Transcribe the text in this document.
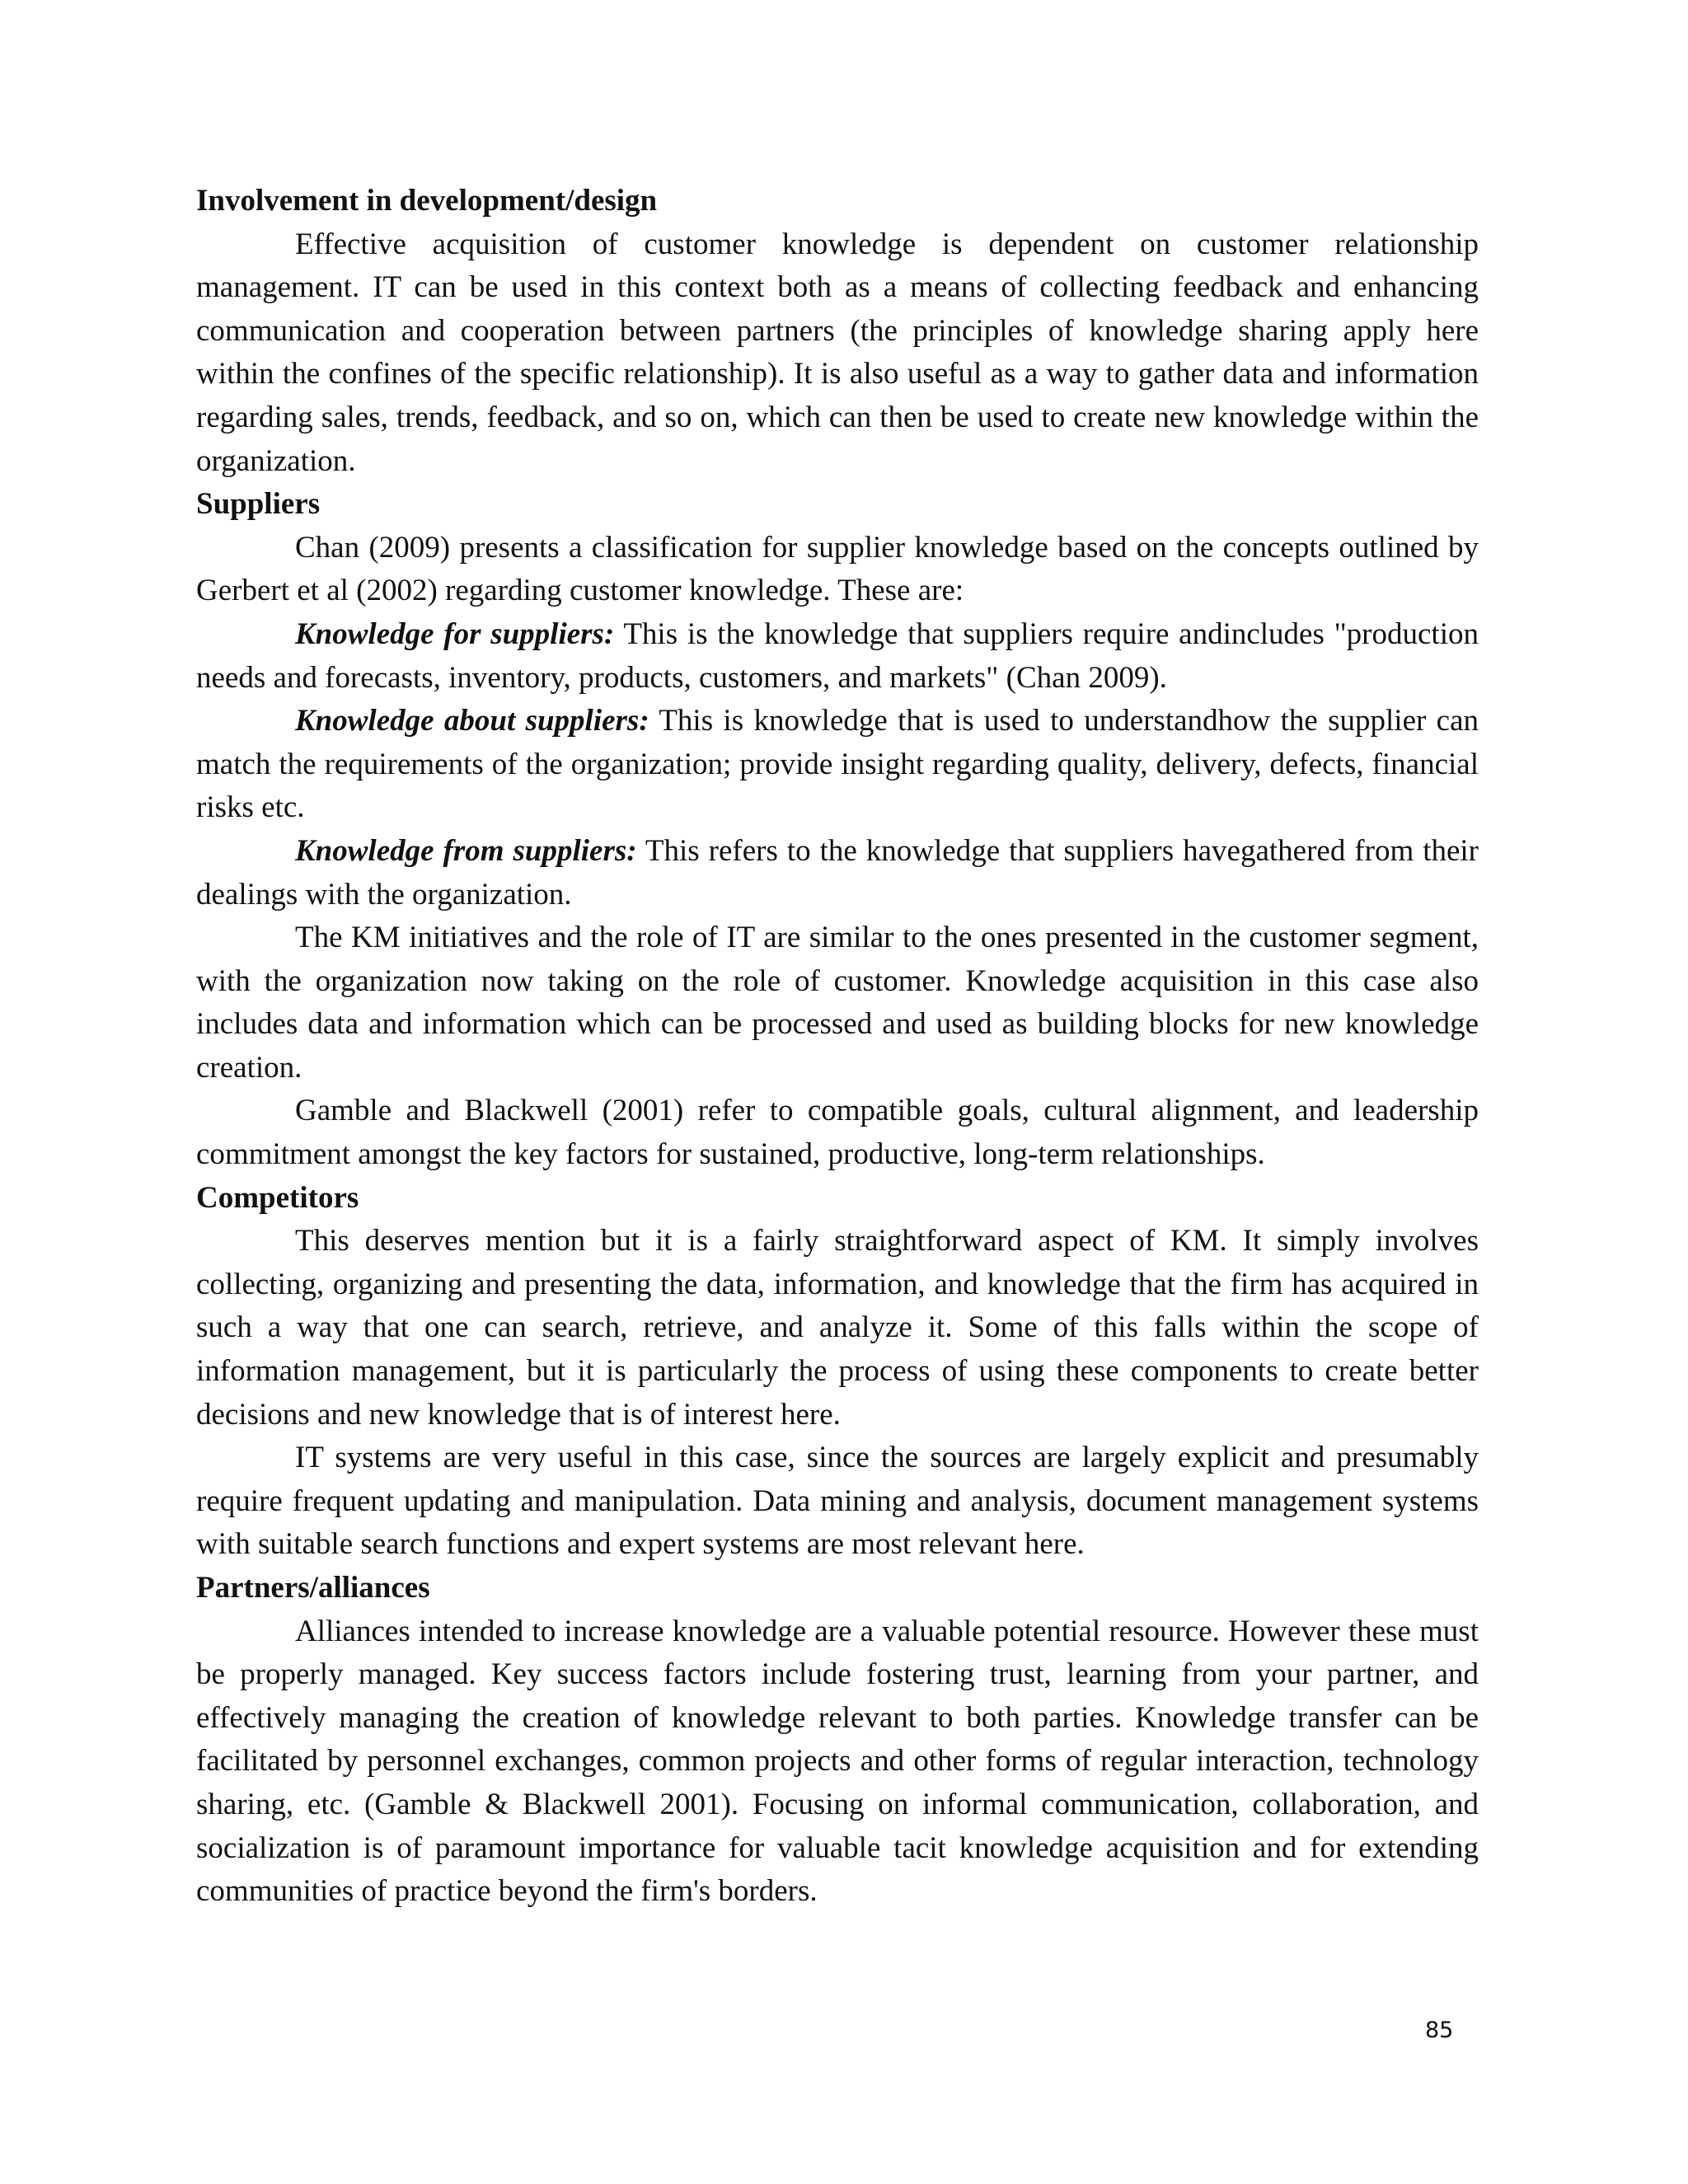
Involvement in development/design

Effective acquisition of customer knowledge is dependent on customer relationship management. IT can be used in this context both as a means of collecting feedback and enhancing communication and cooperation between partners (the principles of knowledge sharing apply here within the confines of the specific relationship). It is also useful as a way to gather data and information regarding sales, trends, feedback, and so on, which can then be used to create new knowledge within the organization.

Suppliers

Chan (2009) presents a classification for supplier knowledge based on the concepts outlined by Gerbert et al (2002) regarding customer knowledge. These are:

Knowledge for suppliers: This is the knowledge that suppliers require andincludes "production needs and forecasts, inventory, products, customers, and markets" (Chan 2009).

Knowledge about suppliers: This is knowledge that is used to understandhow the supplier can match the requirements of the organization; provide insight regarding quality, delivery, defects, financial risks etc.

Knowledge from suppliers: This refers to the knowledge that suppliers havegathered from their dealings with the organization.

The KM initiatives and the role of IT are similar to the ones presented in the customer segment, with the organization now taking on the role of customer. Knowledge acquisition in this case also includes data and information which can be processed and used as building blocks for new knowledge creation.

Gamble and Blackwell (2001) refer to compatible goals, cultural alignment, and leadership commitment amongst the key factors for sustained, productive, long-term relationships.

Competitors

This deserves mention but it is a fairly straightforward aspect of KM. It simply involves collecting, organizing and presenting the data, information, and knowledge that the firm has acquired in such a way that one can search, retrieve, and analyze it. Some of this falls within the scope of information management, but it is particularly the process of using these components to create better decisions and new knowledge that is of interest here.

IT systems are very useful in this case, since the sources are largely explicit and presumably require frequent updating and manipulation. Data mining and analysis, document management systems with suitable search functions and expert systems are most relevant here.

Partners/alliances

Alliances intended to increase knowledge are a valuable potential resource. However these must be properly managed. Key success factors include fostering trust, learning from your partner, and effectively managing the creation of knowledge relevant to both parties. Knowledge transfer can be facilitated by personnel exchanges, common projects and other forms of regular interaction, technology sharing, etc. (Gamble & Blackwell 2001). Focusing on informal communication, collaboration, and socialization is of paramount importance for valuable tacit knowledge acquisition and for extending communities of practice beyond the firm's borders.

85
